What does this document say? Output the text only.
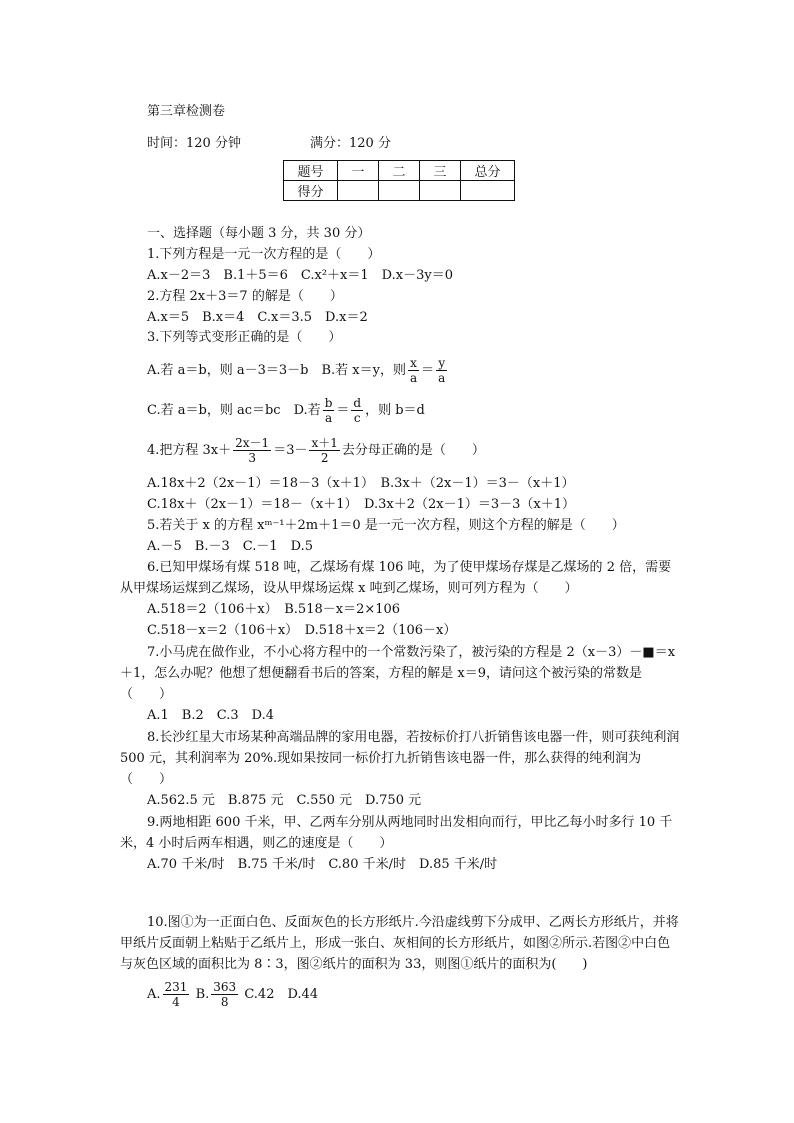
第三章检测卷
时间：120 分钟	满分：120 分
题号	一	二	三	总分
得分				
一、选择题（每小题 3 分，共 30 分）
1.下列方程是一元一次方程的是（　　）
A.x－2＝3　B.1＋5＝6　C.x²＋x＝1　D.x－3y＝0
2.方程 2x＋3＝7 的解是（　　）
A.x＝5　B.x＝4　C.x＝3.5　D.x＝2
3.下列等式变形正确的是（　　）
A.若 a＝b，则 a－3＝3－b　B.若 x＝y，则 $\frac{x}{a} = \frac{y}{a}$
C.若 a＝b，则 ac＝bc　D.若 $\frac{b}{a} = \frac{d}{c}$ ，则 b＝d
4.把方程 $3x+ \frac{2x-1}{3} =3- \frac{x+1}{2}$ 去分母正确的是（　　）
A.18x＋2（2x－1）＝18－3（x＋1）　B.3x＋（2x－1）＝3－（x＋1）
C.18x＋（2x－1）＝18－（x＋1）　D.3x＋2（2x－1）＝3－3（x＋1）
5.若关于 x 的方程 xᵐ⁻¹＋2m＋1＝0 是一元一次方程，则这个方程的解是（　　）
A.－5　B.－3　C.－1　D.5
6.已知甲煤场有煤 518 吨，乙煤场有煤 106 吨，为了使甲煤场存煤是乙煤场的 2 倍，需要从甲煤场运煤到乙煤场，设从甲煤场运煤 x 吨到乙煤场，则可列方程为（　　）
A.518＝2（106＋x）　B.518－x＝2×106
C.518－x＝2（106＋x）　D.518＋x＝2（106－x）
7.小马虎在做作业，不小心将方程中的一个常数污染了，被污染的方程是 2（x－3）－■＝x＋1，怎么办呢？他想了想便翻看书后的答案，方程的解是 x＝9，请问这个被污染的常数是（　　）
A.1　B.2　C.3　D.4
8.长沙红星大市场某种高端品牌的家用电器，若按标价打八折销售该电器一件，则可获纯利润 500 元，其利润率为 20%.现如果按同一标价打九折销售该电器一件，那么获得的纯利润为（　　）
A.562.5 元　B.875 元　C.550 元　D.750 元
9.两地相距 600 千米，甲、乙两车分别从两地同时出发相向而行，甲比乙每小时多行 10 千米，4 小时后两车相遇，则乙的速度是（　　）
A.70 千米/时　B.75 千米/时　C.80 千米/时　D.85 千米/时
10.图①为一正面白色、反面灰色的长方形纸片.今沿虚线剪下分成甲、乙两长方形纸片，并将甲纸片反面朝上粘贴于乙纸片上，形成一张白、灰相间的长方形纸片，如图②所示.若图②中白色与灰色区域的面积比为 8∶3，图②纸片的面积为 33，则图①纸片的面积为(　　)
A. $\frac{231}{4} B$. $\frac{363}{8} C.42$　D.44
